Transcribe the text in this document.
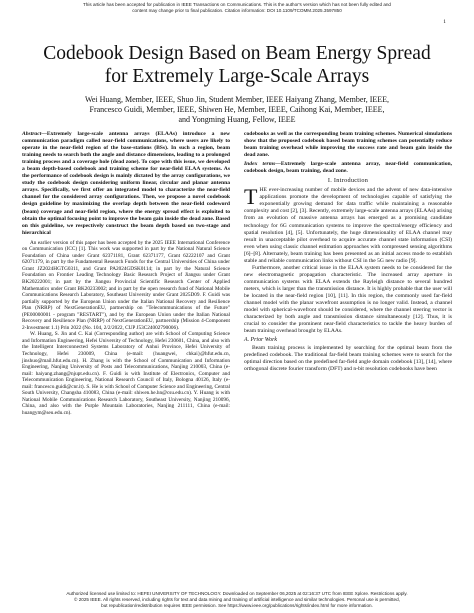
This article has been accepted for publication in IEEE Transactions on Communications. This is the author's version which has not been fully edited and
content may change prior to final publication. Citation information: DOI 10.1109/TCOMM.2025.3597850
1
Codebook Design Based on Beam Energy Spread
for Extremely Large-Scale Arrays
Wei Huang, Member, IEEE, Shuo Jin, Student Member, IEEE Haiyang Zhang, Member, IEEE,
Francesco Guidi, Member, IEEE, Shiwen He, Member, IEEE, Caihong Kai, Member, IEEE,
and Yongming Huang, Fellow, IEEE

Abstract—Extremely large-scale antenna arrays (ELAAs) introduce a new communication paradigm called near-field communications, where users are likely to operate in the near-field region of the base-stations (BSs). In such a region, beam training needs to search both the angle and distance dimensions, leading to a prolonged training process and a coverage hole (dead zone). To cope with this issue, we developed a beam depth-based codebook and training scheme for near-field ELAA systems. As the performance of codebook design is mainly dictated by the array configurations, we study the codebook design considering uniform linear, circular and planar antenna arrays. Specifically, we first offer an integrated model to characterize the near-field channel for the considered array configurations. Then, we propose a novel codebook design guideline by maximizing the overlap depth between the near-field codeword (beam) coverage and near-field region, where the energy spread effect is exploited to obtain the optimal focusing point to improve the beam gain inside the dead zone. Based on this guideline, we respectively construct the beam depth based on two-stage and hierarchical

An earlier version of this paper has been accepted by the 2025 IEEE International Conference on Communication (ICC) [1]. This work was supported in part by the National Natural Science Foundation of China under Grant 62371181, Grant 62371177, Grant 62222107 and Grant 62071179, in part by the Fundamental Research Funds for the Central Universities of China under Grant JZ2024HGTG0311, and Grant PA2024GDSK0114; in part by the Natural Science Foundation on Frontier Leading Technology Basic Research Project of Jiangsu under Grant BK20222001; in part by the Jiangsu Provincial Scientific Research Center of Applied Mathematics under Grant BK20233002; and in part by the open research fund of National Mobile Communications Research Laboratory, Southeast University under Grant 2025D09. F. Guidi was partially supported by the European Union under the Italian National Recovery and Resilience Plan (NRRP) of NextGenerationEU, partnership on "Telecommunications of the Future" (PE00000001 - program "RESTART"), and by the European Union under the Italian National Recovery and Resilience Plan (NRRP) of NextGenerationEU, partnership (Mission 4-Component 2-Investment 1.1) Prin 2022 (No. 104, 2/2/2022, CUP J53C24002790006).

W. Huang, S. Jin and C. Kai (Corresponding author) are with School of Computing Science and Information Engineering, Hefei University of Technology, Hefei 230601, China, and also with the Intelligent Interconnected Systems Laboratory of Anhui Province, Hefei University of Technology, Hefei 230009, China (e-mail: {huangwei, chkai}@hfut.edu.cn, jinshuo@mail.hfut.edu.cn). H. Zhang is with the School of Communication and Information Engineering, Nanjing University of Posts and Telecommunications, Nanjing 210003, China (e-mail: haiyang.zhang@njupt.edu.cn). F. Guidi is with Institute of Electronics, Computer and Telecommunication Engineering, National Research Council of Italy, Bologna 40126, Italy (e-mail: francesco.guidi@cnr.it). S. He is with School of Computer Science and Engineering, Central South University, Changsha 410083, China (e-mail: shiwen.he.hn@csu.edu.cn). Y. Huang is with National Mobile Communications Research Laboratory, Southeast University, Nanjing 210096, China, and also with the Purple Mountain Laboratories, Nanjing 211111, China (e-mail: huangym@seu.edu.cn).

codebooks as well as the corresponding beam training schemes. Numerical simulations show that the proposed codebook based beam training schemes can potentially reduce beam training overhead while improving the success rate and beam gain inside the dead zone.

Index terms—Extremely large-scale antenna array, near-field communication, codebook design, beam training, dead zone.

I. Introduction

THE ever-increasing number of mobile devices and the advent of new data-intensive applications promote the development of technologies capable of satisfying the exponentially growing demand for data traffic while maintaining a reasonable complexity and cost [2], [3]. Recently, extremely large-scale antenna arrays (ELAAs) arising from an evolution of massive antenna arrays has emerged as a promising candidate technology for 6G communication systems to improve the spectral/energy efficiency and spatial resolution [4], [5]. Unfortunately, the huge dimensionality of ELAA channel may result in unacceptable pilot overhead to acquire accurate channel state information (CSI) even when using classic channel estimation approaches with compressed sensing algorithms [6]–[8]. Alternately, beam training has been presented as an initial access mode to establish stable and reliable communication links without CSI in the 5G new radio [9].

Furthermore, another critical issue in the ELAA system needs to be considered for the new electromagnetic propagation characteristic. The increased array aperture in communication systems with ELAA extends the Rayleigh distance to several hundred meters, which is larger than the transmission distance. It is highly probable that the user will be located in the near-field region [10], [11]. In this region, the commonly used far-field channel model with the planar wavefront assumption is no longer valid. Instead, a channel model with spherical-wavefront should be considered, where the channel steering vector is characterized by both angle and transmission distance simultaneously [12]. Thus, it is crucial to consider the prominent near-field characteristics to tackle the heavy burden of beam training overhead brought by ELAAs.

A. Prior Work

Beam training process is implemented by searching for the optimal beam from the predefined codebook. The traditional far-field beam training schemes were to search for the optimal direction based on the predefined far-field angle domain codebook [13], [14], where orthogonal discrete fourier transform (DFT) and n-bit resolution codebooks have been

Authorized licensed use limited to: HEFEI UNIVERSITY OF TECHNOLOGY. Downloaded on September 06,2025 at 02:16:37 UTC from IEEE Xplore. Restrictions apply.
© 2025 IEEE. All rights reserved, including rights for text and data mining and training of artificial intelligence and similar technologies. Personal use is permitted,
but republication/redistribution requires IEEE permission. See https://www.ieee.org/publications/rights/index.html for more information.
